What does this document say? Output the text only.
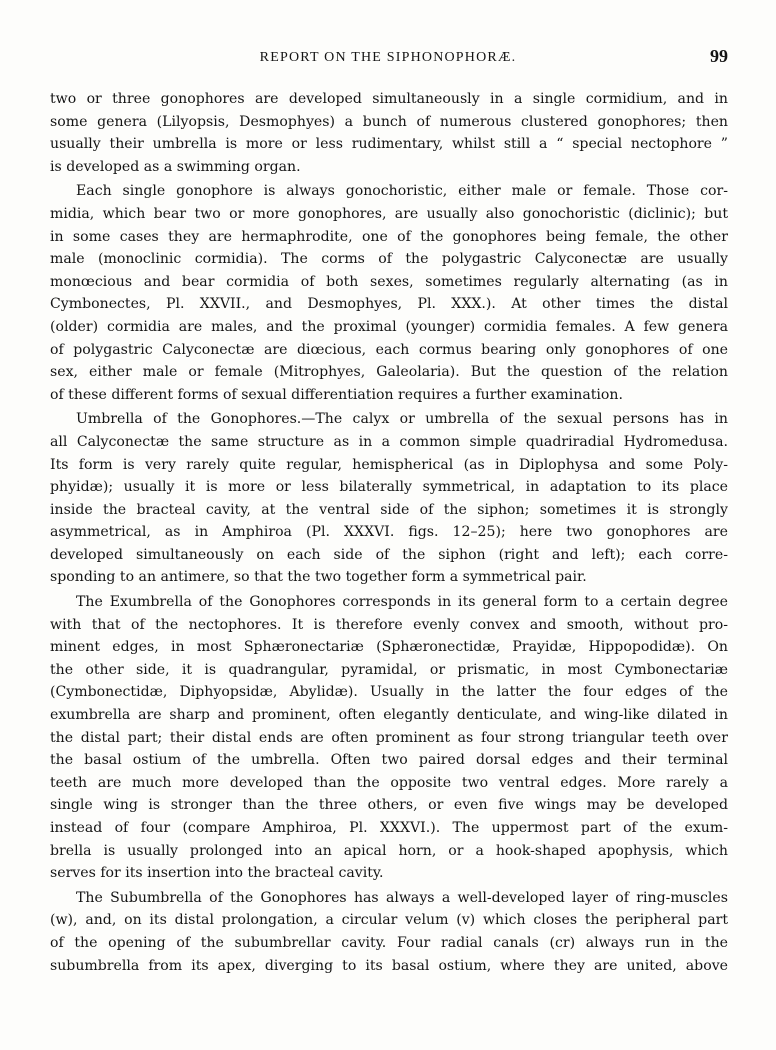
REPORT ON THE SIPHONOPHORÆ.	99
two or three gonophores are developed simultaneously in a single cormidium, and in
some genera (Lilyopsis, Desmophyes) a bunch of numerous clustered gonophores; then
usually their umbrella is more or less rudimentary, whilst still a “ special nectophore ”
is developed as a swimming organ.
Each single gonophore is always gonochoristic, either male or female. Those cor-
midia, which bear two or more gonophores, are usually also gonochoristic (diclinic); but
in some cases they are hermaphrodite, one of the gonophores being female, the other
male (monoclinic cormidia). The corms of the polygastric Calyconectæ are usually
monœcious and bear cormidia of both sexes, sometimes regularly alternating (as in
Cymbonectes, Pl. XXVII., and Desmophyes, Pl. XXX.). At other times the distal
(older) cormidia are males, and the proximal (younger) cormidia females. A few genera
of polygastric Calyconectæ are diœcious, each cormus bearing only gonophores of one
sex, either male or female (Mitrophyes, Galeolaria). But the question of the relation
of these different forms of sexual differentiation requires a further examination.
Umbrella of the Gonophores.—The calyx or umbrella of the sexual persons has in
all Calyconectæ the same structure as in a common simple quadriradial Hydromedusa.
Its form is very rarely quite regular, hemispherical (as in Diplophysa and some Poly-
phyidæ); usually it is more or less bilaterally symmetrical, in adaptation to its place
inside the bracteal cavity, at the ventral side of the siphon; sometimes it is strongly
asymmetrical, as in Amphiroa (Pl. XXXVI. figs. 12–25); here two gonophores are
developed simultaneously on each side of the siphon (right and left); each corre-
sponding to an antimere, so that the two together form a symmetrical pair.
The Exumbrella of the Gonophores corresponds in its general form to a certain degree
with that of the nectophores. It is therefore evenly convex and smooth, without pro-
minent edges, in most Sphæronectariæ (Sphæronectidæ, Prayidæ, Hippopodidæ). On
the other side, it is quadrangular, pyramidal, or prismatic, in most Cymbonectariæ
(Cymbonectidæ, Diphyopsidæ, Abylidæ). Usually in the latter the four edges of the
exumbrella are sharp and prominent, often elegantly denticulate, and wing-like dilated in
the distal part; their distal ends are often prominent as four strong triangular teeth over
the basal ostium of the umbrella. Often two paired dorsal edges and their terminal
teeth are much more developed than the opposite two ventral edges. More rarely a
single wing is stronger than the three others, or even five wings may be developed
instead of four (compare Amphiroa, Pl. XXXVI.). The uppermost part of the exum-
brella is usually prolonged into an apical horn, or a hook-shaped apophysis, which
serves for its insertion into the bracteal cavity.
The Subumbrella of the Gonophores has always a well-developed layer of ring-muscles
(w), and, on its distal prolongation, a circular velum (v) which closes the peripheral part
of the opening of the subumbrellar cavity. Four radial canals (cr) always run in the
subumbrella from its apex, diverging to its basal ostium, where they are united, above
